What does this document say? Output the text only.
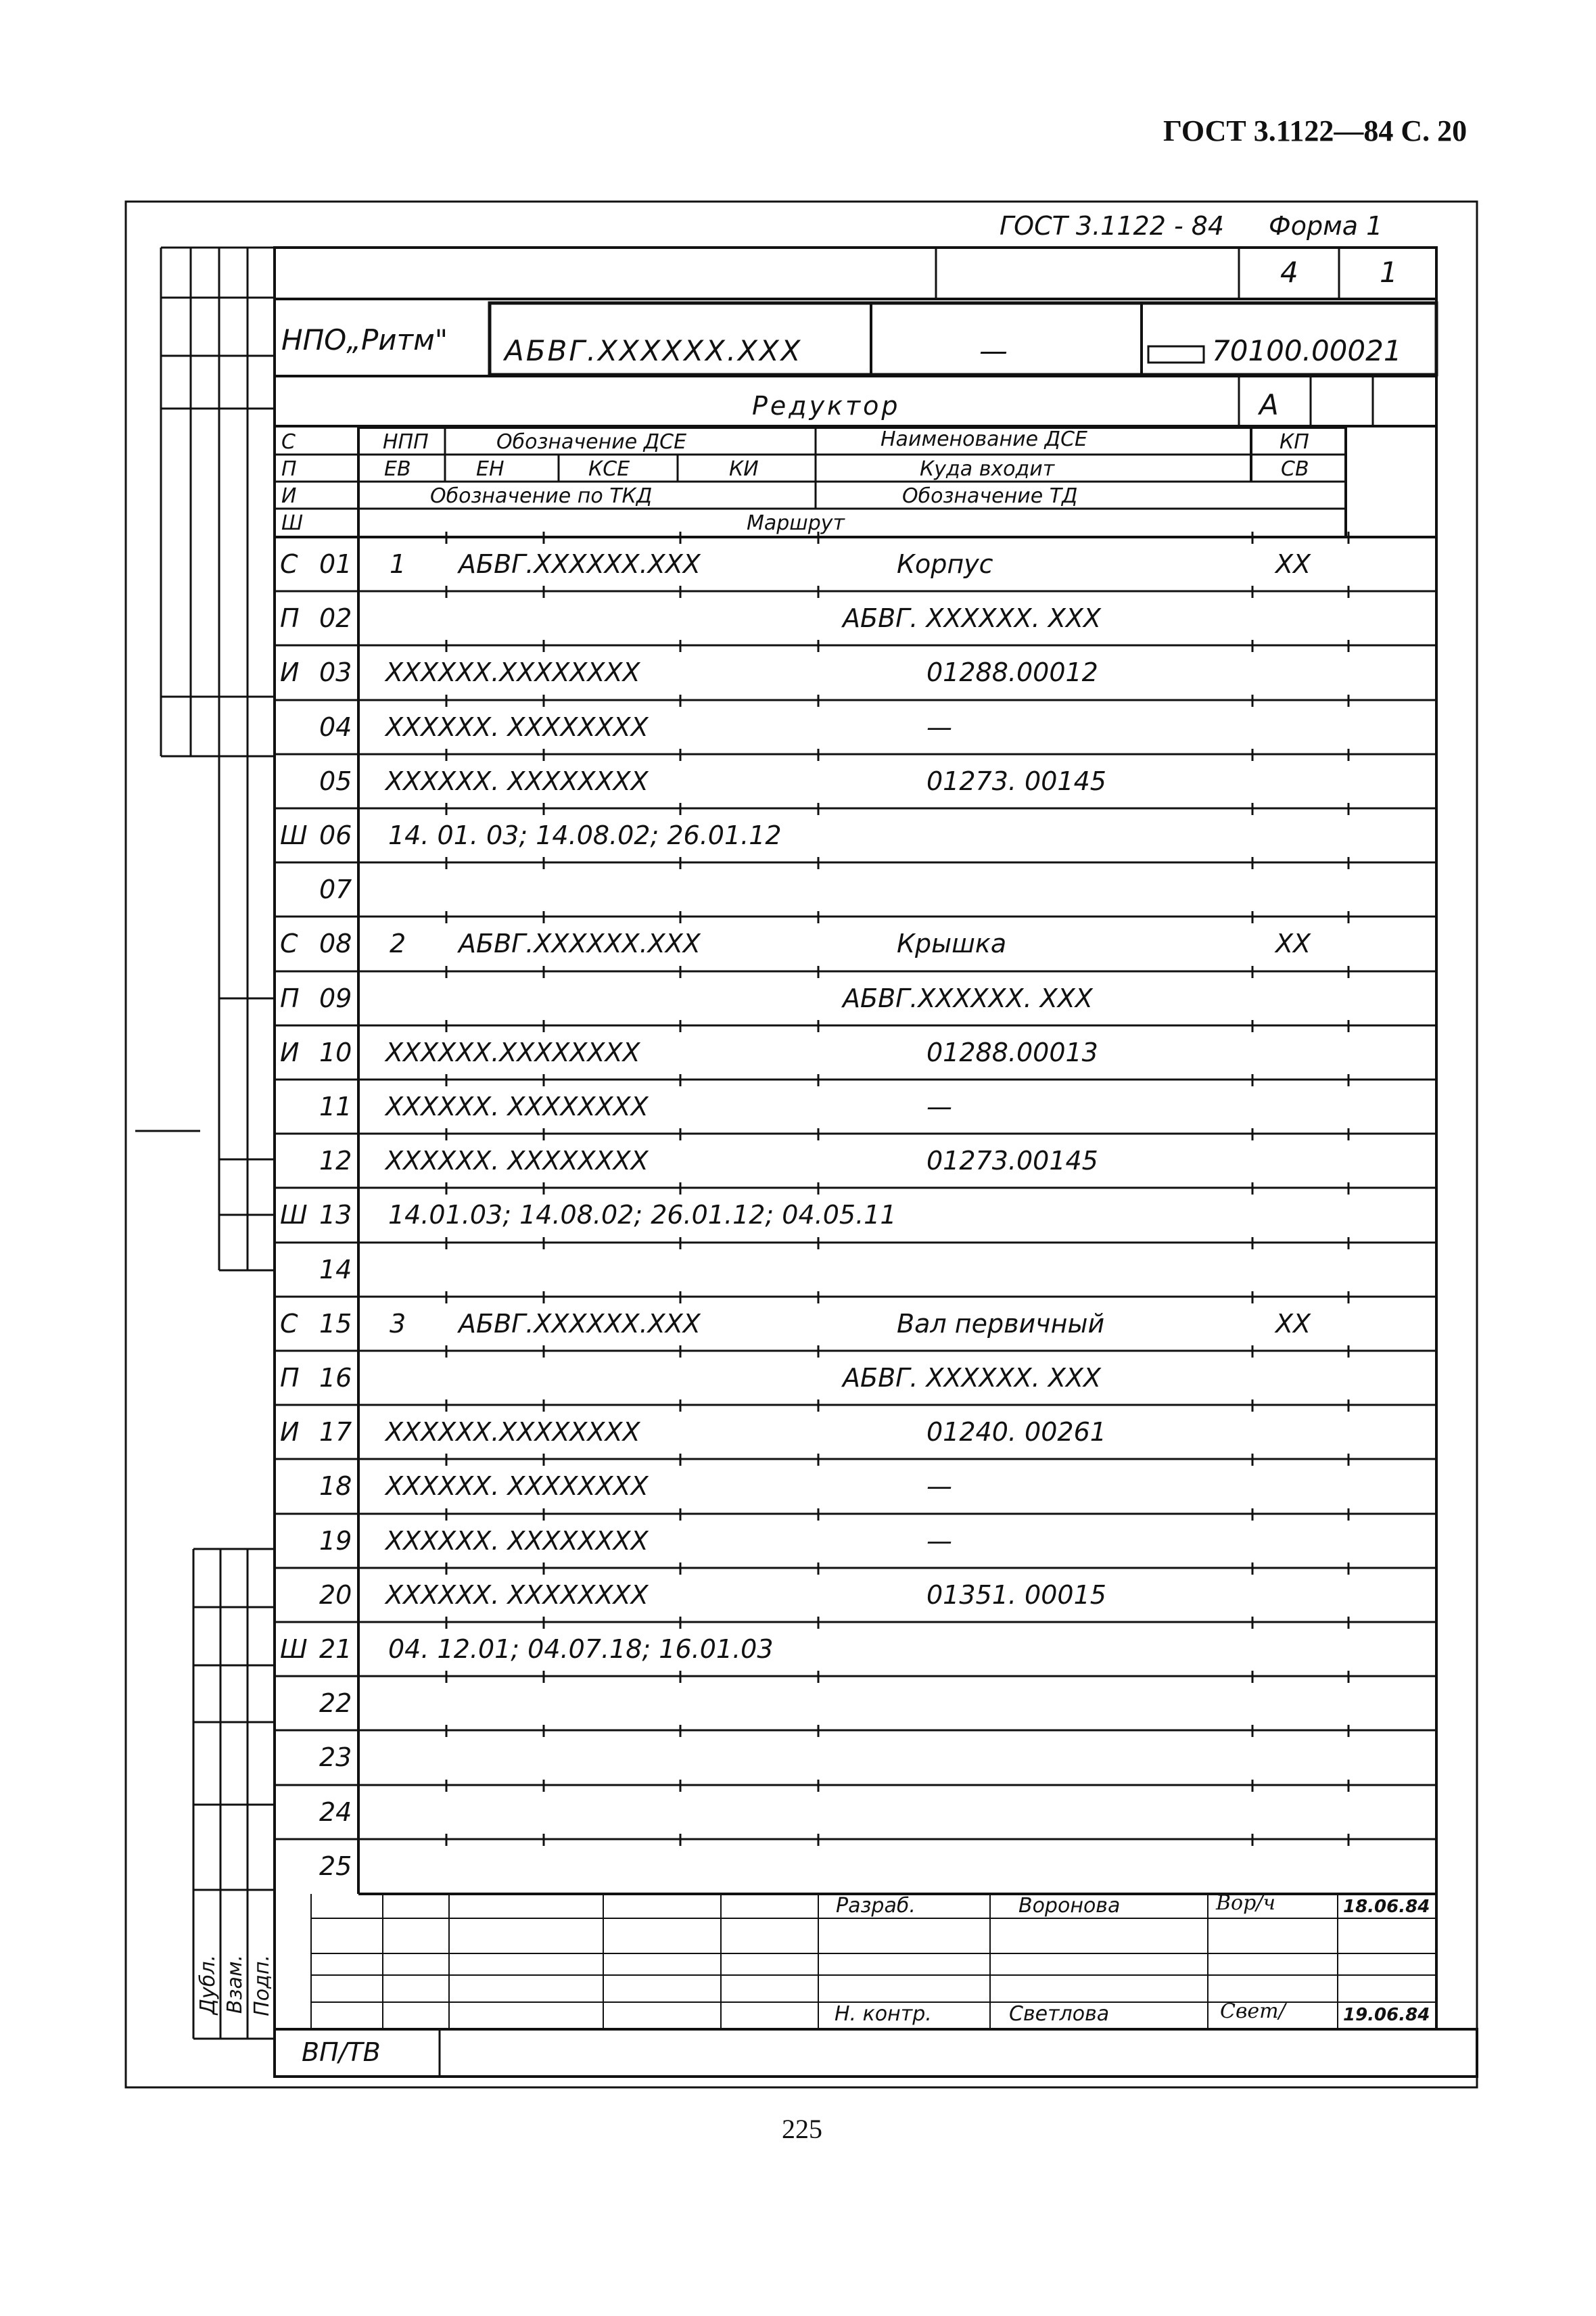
ГОСТ 3.1122—84 С. 20
ГОСТ 3.1122 - 84 Форма 1
4	1
НПО„Ритм" АБВГ.XXXXXX.XXX	—	70100.00021
Редуктор	А
С	НПП	Обозначение ДСЕ	Наименование ДСЕ	КП
П	ЕВ	ЕН	КСЕ	КИ	Куда входит	СВ
И	Обозначение по ТКД	Обозначение ТД
Ш	Маршрут
С 01 1 АБВГ.XXXXXX.XXX	Корпус	XX
П 02	АБВГ. XXXXXX. XXX
И 03 XXXXXX.XXXXXXXX	01288.00012
04 XXXXXX. XXXXXXXX	—
05 XXXXXX. XXXXXXXX	01273. 00145
Ш 06 14. 01. 03; 14.08.02; 26.01.12
07
С 08 2 АБВГ.XXXXXX.XXX	Крышка	XX
П 09	АБВГ.XXXXXX. XXX
И 10 XXXXXX.XXXXXXXX	01288.00013
11 XXXXXX. XXXXXXXX	—
12 XXXXXX. XXXXXXXX	01273.00145
Ш 13 14.01.03; 14.08.02; 26.01.12; 04.05.11
14
С 15 3 АБВГ.XXXXXX.XXX	Вал первичный	XX
П 16	АБВГ. XXXXXX. XXX
И 17 XXXXXX.XXXXXXXX	01240. 00261
18 XXXXXX. XXXXXXXX	—
19 XXXXXX. XXXXXXXX	—
20 XXXXXX. XXXXXXXX	01351. 00015
Ш 21 04. 12.01; 04.07.18; 16.01.03
22
23
24
25
Разраб.	Воронова	Вор/ч	18.06.84
Н. контр.	Светлова	Свет/	19.06.84
ВП/ТВ
Дубл. Взам. Подп.
225
